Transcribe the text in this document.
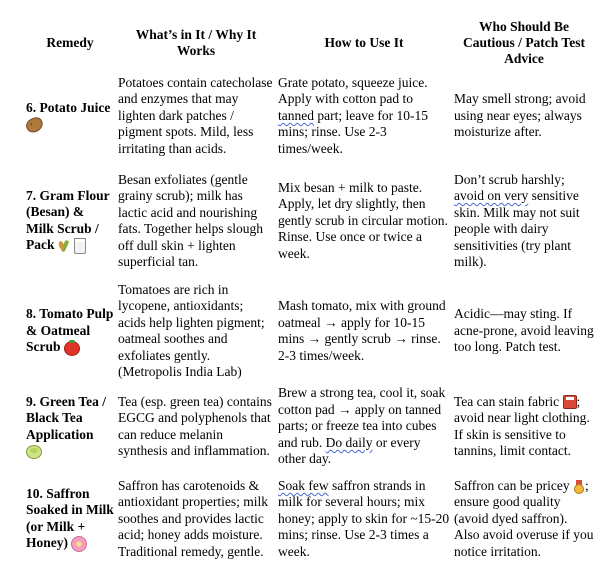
Remedy	What’s in It / Why It Works	How to Use It	Who Should Be Cautious / Patch Test Advice
6. Potato Juice	Potatoes contain catecholase and enzymes that may lighten dark patches / pigment spots. Mild, less irritating than acids.	Grate potato, squeeze juice. Apply with cotton pad to tanned part; leave for 10-15 mins; rinse. Use 2-3 times/week.	May smell strong; avoid using near eyes; always moisturize after.
7. Gram Flour (Besan) & Milk Scrub / Pack	Besan exfoliates (gentle grainy scrub); milk has lactic acid and nourishing fats. Together helps slough off dull skin + lighten superficial tan.	Mix besan + milk to paste. Apply, let dry slightly, then gently scrub in circular motion. Rinse. Use once or twice a week.	Don’t scrub harshly; avoid on very sensitive skin. Milk may not suit people with dairy sensitivities (try plant milk).
8. Tomato Pulp & Oatmeal Scrub	Tomatoes are rich in lycopene, antioxidants; acids help lighten pigment; oatmeal soothes and exfoliates gently. (Metropolis India Lab)	Mash tomato, mix with ground oatmeal → apply for 10-15 mins → gently scrub → rinse. 2-3 times/week.	Acidic—may sting. If acne-prone, avoid leaving too long. Patch test.
9. Green Tea / Black Tea Application	Tea (esp. green tea) contains EGCG and polyphenols that can reduce melanin synthesis and inflammation.	Brew a strong tea, cool it, soak cotton pad → apply on tanned parts; or freeze tea into cubes and rub. Do daily or every other day.	Tea can stain fabric ; avoid near light clothing. If skin is sensitive to tannins, limit contact.
10. Saffron Soaked in Milk (or Milk + Honey)	Saffron has carotenoids & antioxidant properties; milk soothes and provides lactic acid; honey adds moisture. Traditional remedy, gentle.	Soak few saffron strands in milk for several hours; mix honey; apply to skin for ~15-20 mins; rinse. Use 2-3 times a week.	Saffron can be pricey ; ensure good quality (avoid dyed saffron). Also avoid overuse if you notice irritation.
